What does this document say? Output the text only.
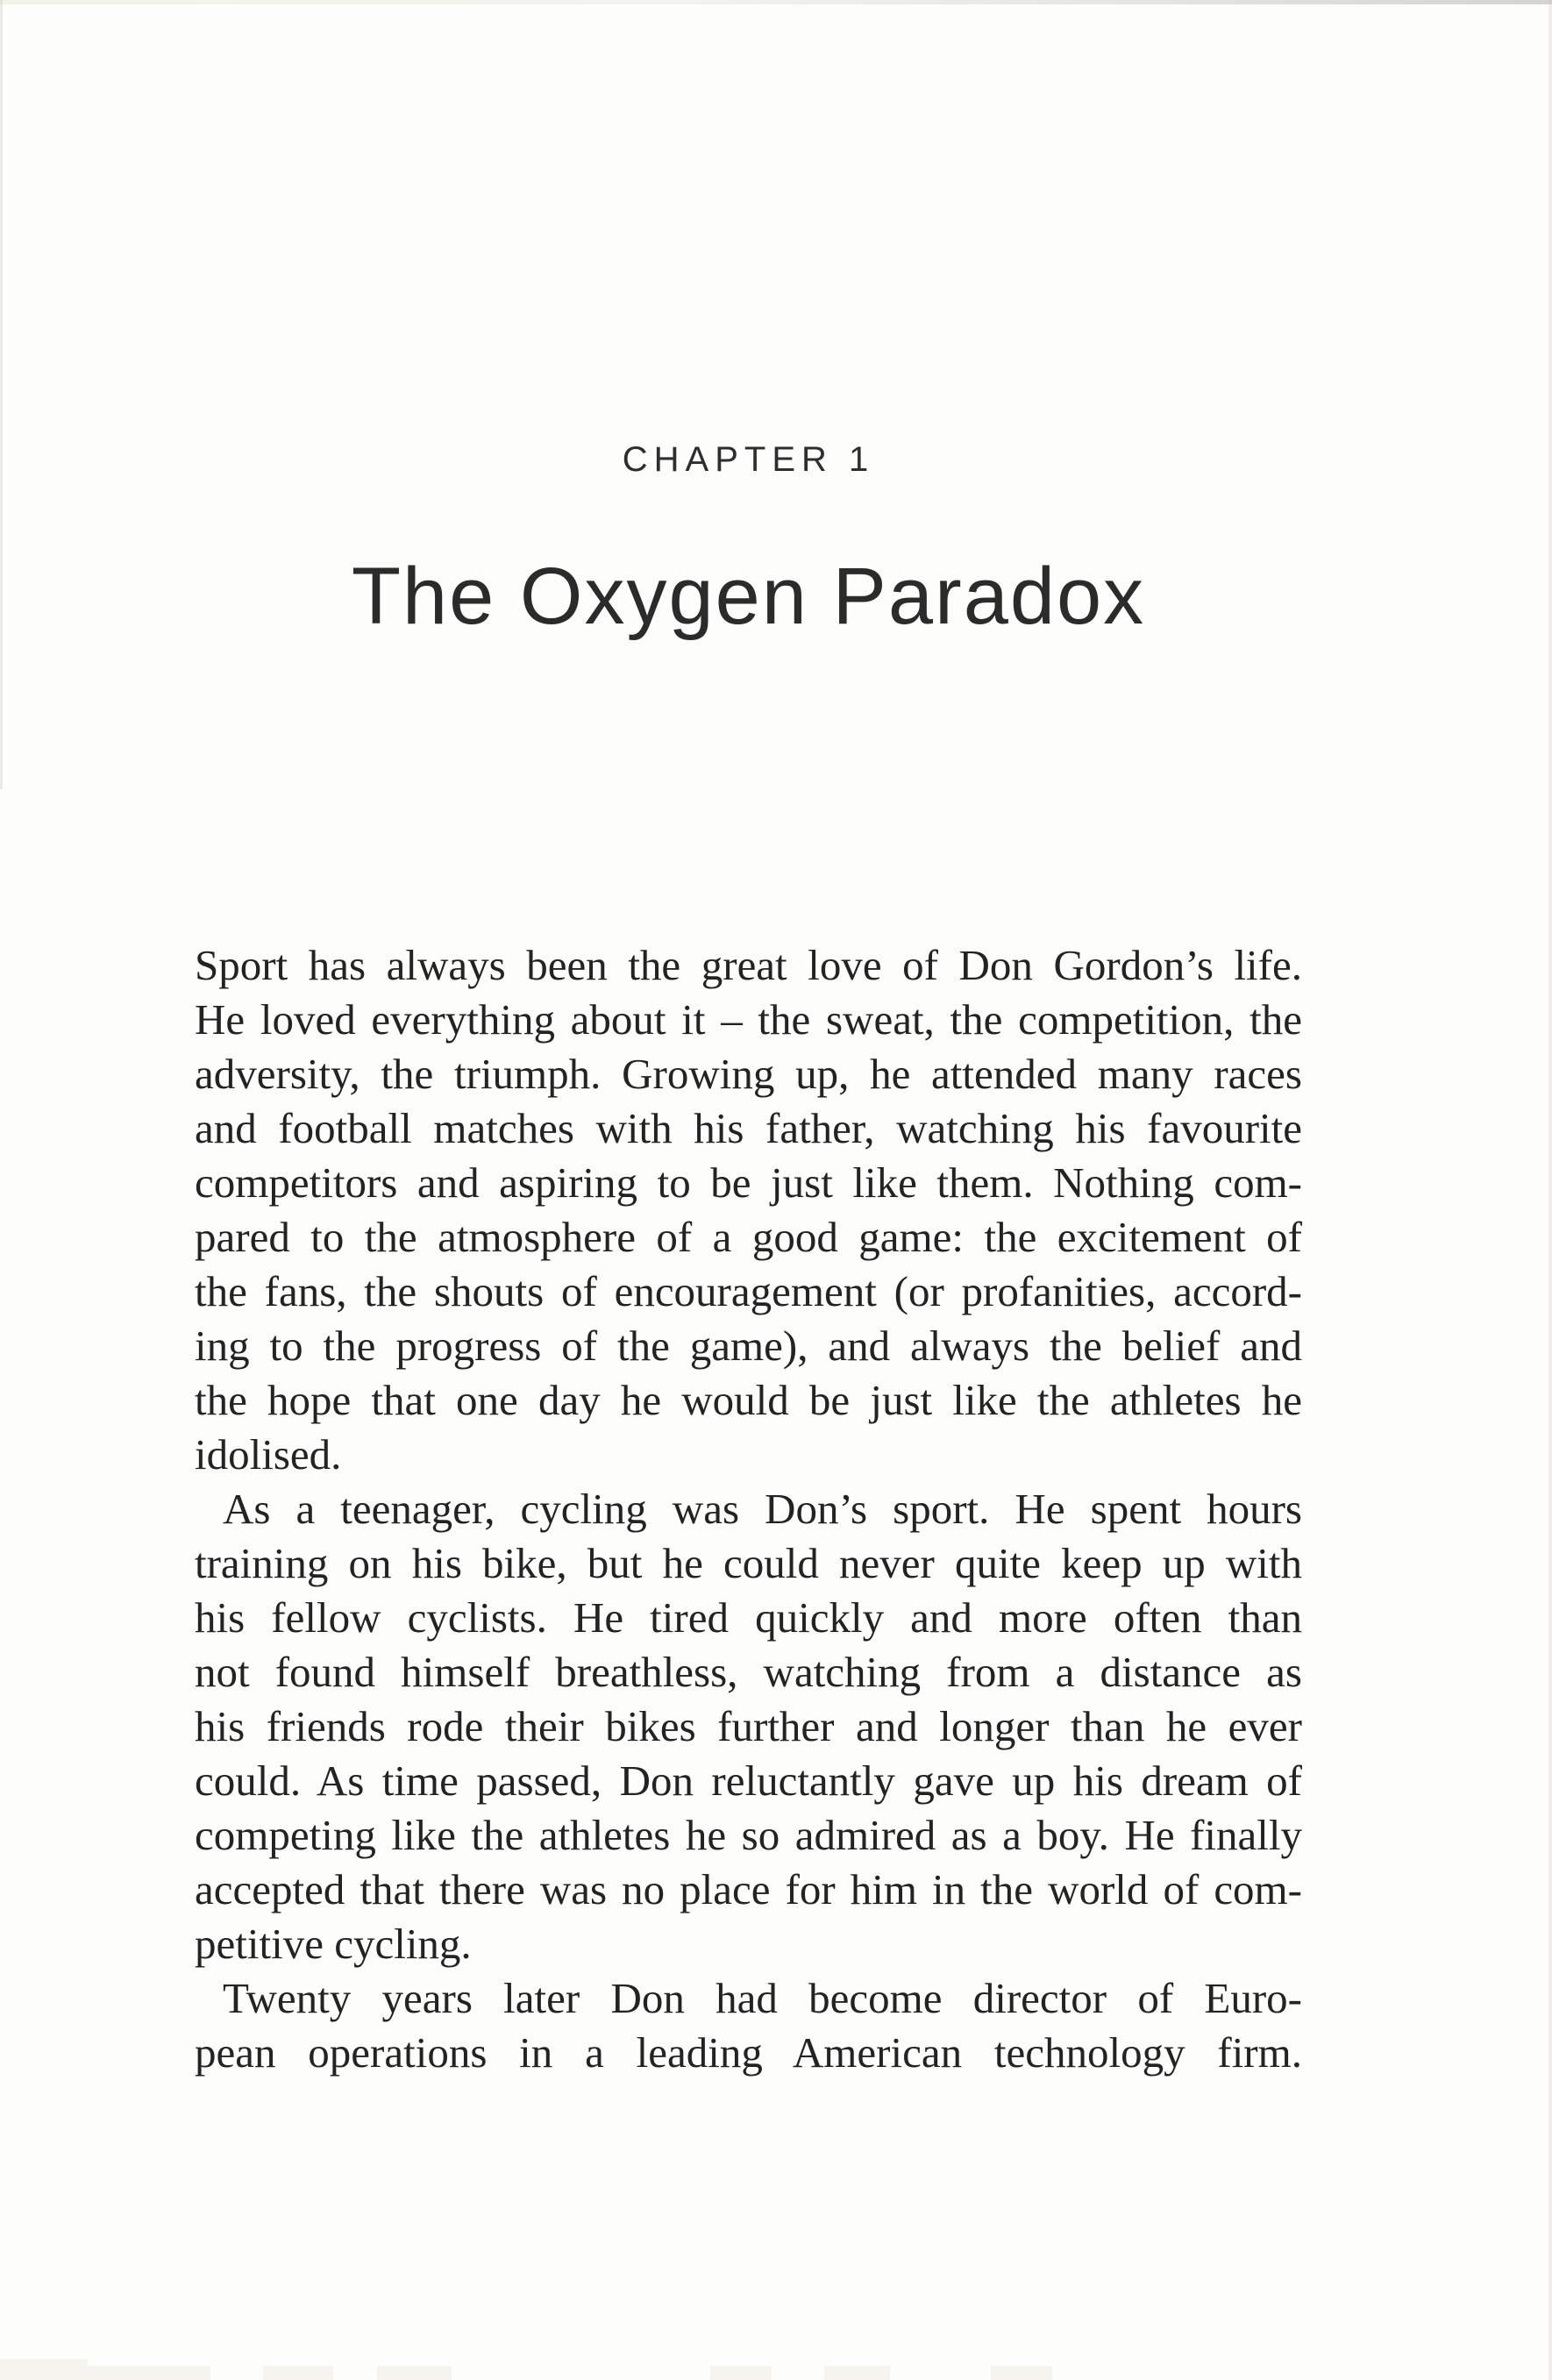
CHAPTER 1
The Oxygen Paradox
Sport has always been the great love of Don Gordon’s life.
He loved everything about it – the sweat, the competition, the
adversity, the triumph. Growing up, he attended many races
and football matches with his father, watching his favourite
competitors and aspiring to be just like them. Nothing com-
pared to the atmosphere of a good game: the excitement of
the fans, the shouts of encouragement (or profanities, accord-
ing to the progress of the game), and always the belief and
the hope that one day he would be just like the athletes he
idolised.
As a teenager, cycling was Don’s sport. He spent hours
training on his bike, but he could never quite keep up with
his fellow cyclists. He tired quickly and more often than
not found himself breathless, watching from a distance as
his friends rode their bikes further and longer than he ever
could. As time passed, Don reluctantly gave up his dream of
competing like the athletes he so admired as a boy. He finally
accepted that there was no place for him in the world of com-
petitive cycling.
Twenty years later Don had become director of Euro-
pean operations in a leading American technology firm.
